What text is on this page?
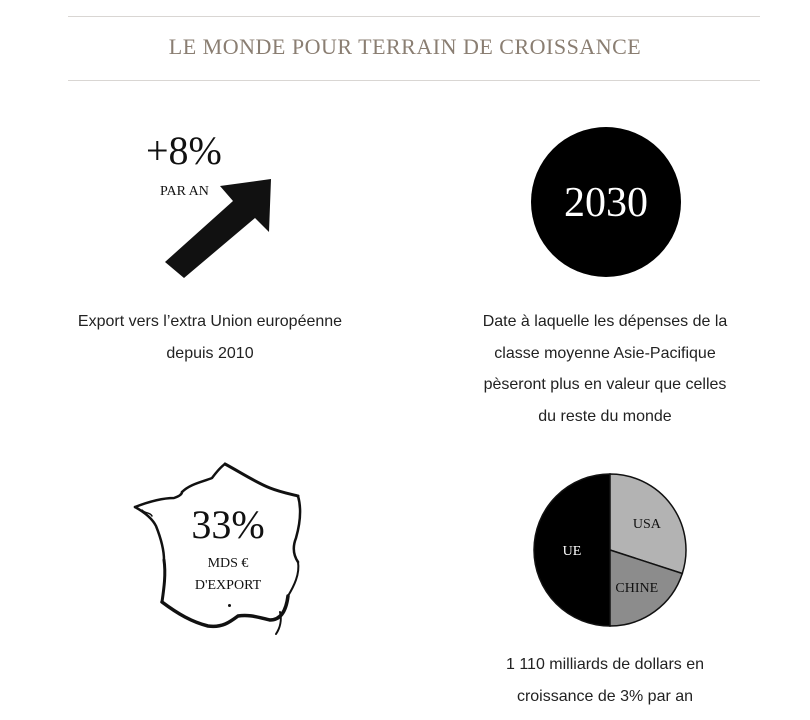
LE MONDE POUR TERRAIN DE CROISSANCE
+8%
PAR AN
Export vers l’extra Union européenne
depuis 2010
2030
Date à laquelle les dépenses de la
classe moyenne Asie-Pacifique
pèseront plus en valeur que celles
du reste du monde
33%
MDS €
D'EXPORT
UE
USA
CHINE
1 110 milliards de dollars en
croissance de 3% par an
